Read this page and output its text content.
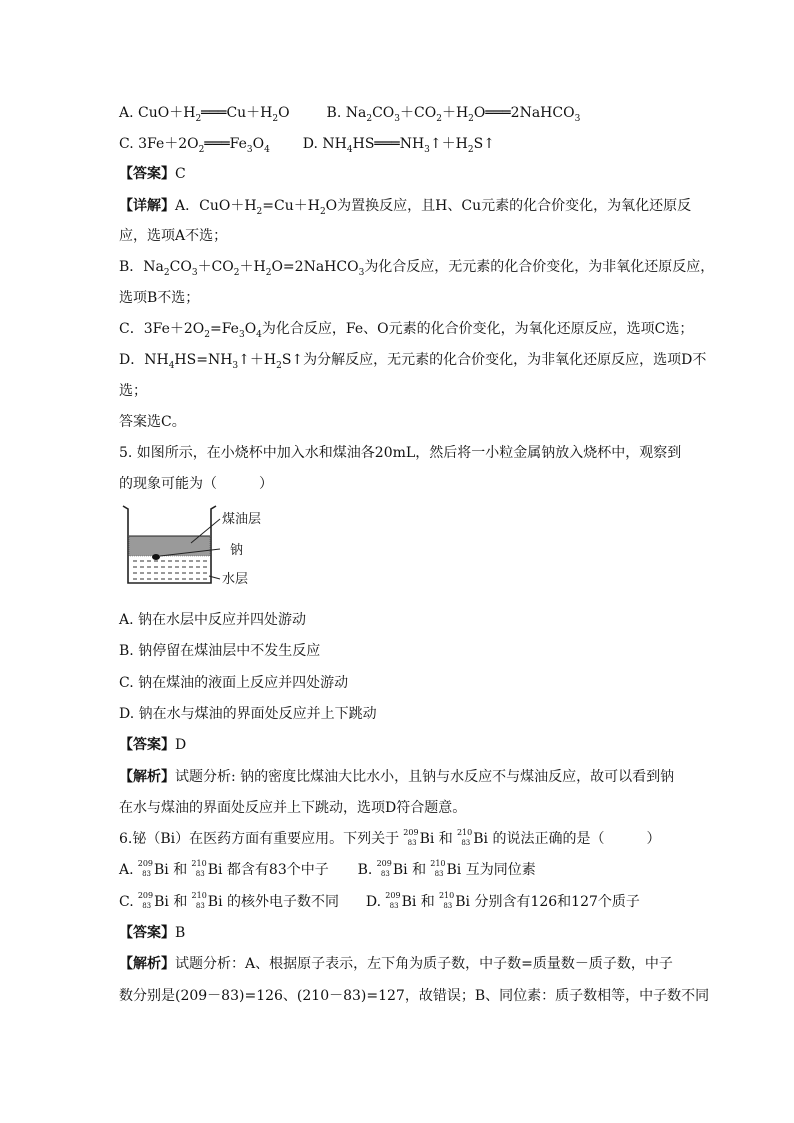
A. $CuO+H_2═══Cu+H_2O$	B. $Na_2CO_3+CO_2+H_2O═══2NaHCO_3$
C. $3Fe+2O_2═══Fe_3O_4$ D. $NH_4HS═══NH_3↑+H_2S↑$
【答案】C
【详解】A．$CuO+H_2=Cu+H_2O$为置换反应，且H、Cu元素的化合价变化，为氧化还原反
应，选项A不选；
B．$Na_2CO_3+CO_2+H_2O=2NaHCO_3$为化合反应，无元素的化合价变化，为非氧化还原反应，
选项B不选；
C．$3Fe+2O_2=Fe_3O_4$为化合反应，Fe、O元素的化合价变化，为氧化还原反应，选项C选；
D．$NH_4HS=NH_3↑+H_2S↑$为分解反应，无元素的化合价变化，为非氧化还原反应，选项D不
选；
答案选C。
5. 如图所示，在小烧杯中加入水和煤油各20mL，然后将一小粒金属钠放入烧杯中，观察到
的现象可能为（　　　）
煤油层
钠
水层
A. 钠在水层中反应并四处游动
B. 钠停留在煤油层中不发生反应
C. 钠在煤油的液面上反应并四处游动
D. 钠在水与煤油的界面处反应并上下跳动
【答案】D
【解析】试题分析: 钠的密度比煤油大比水小，且钠与水反应不与煤油反应，故可以看到钠
在水与煤油的界面处反应并上下跳动，选项D符合题意。
6.铋（Bi）在医药方面有重要应用。下列关于 209
83 Bi 和 210
83 Bi 的说法正确的是（　　　）
A. 209
83 Bi 和 210
83 Bi 都含有83个中子 B. 209
83 Bi 和 210
83 Bi 互为同位素
C. 209
83 Bi 和 210
83 Bi 的核外电子数不同 D. 209
83 Bi 和 210
83 Bi 分别含有126和127个质子
【答案】B
【解析】试题分析：A、根据原子表示，左下角为质子数，中子数=质量数－质子数，中子
数分别是(209－83)=126、(210－83)=127，故错误；B、同位素：质子数相等，中子数不同
